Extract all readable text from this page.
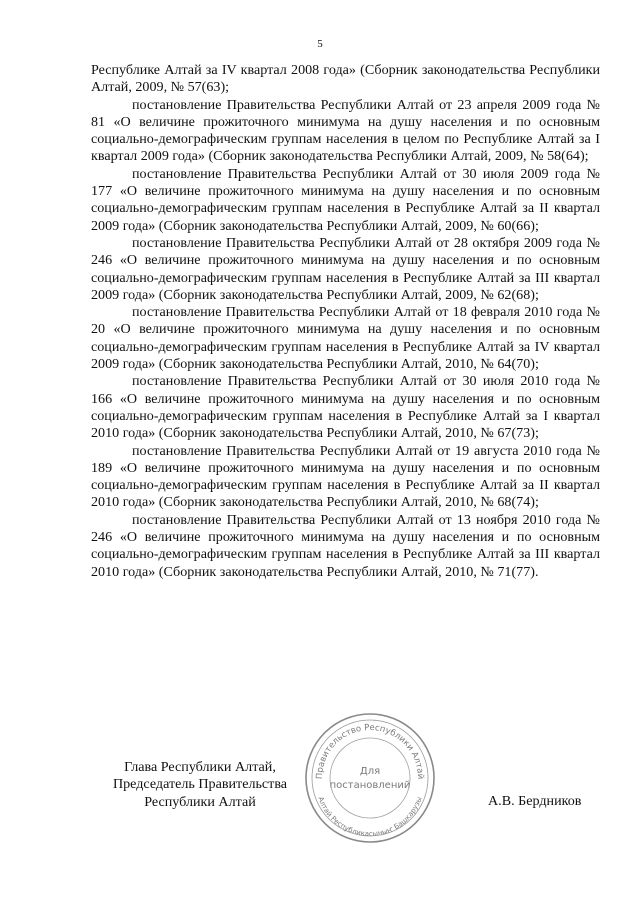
5

Республике Алтай за IV квартал 2008 года» (Сборник законодательства Республики Алтай, 2009, № 57(63);

постановление Правительства Республики Алтай от 23 апреля 2009 года № 81 «О величине прожиточного минимума на душу населения и по основным социально-демографическим группам населения в целом по Республике Алтай за I квартал 2009 года» (Сборник законодательства Республики Алтай, 2009, № 58(64);

постановление Правительства Республики Алтай от 30 июля 2009 года № 177 «О величине прожиточного минимума на душу населения и по основным социально-демографическим группам населения в Республике Алтай за II квартал 2009 года» (Сборник законодательства Республики Алтай, 2009, № 60(66);

постановление Правительства Республики Алтай от 28 октября 2009 года № 246 «О величине прожиточного минимума на душу населения и по основным социально-демографическим группам населения в Республике Алтай за III квартал 2009 года» (Сборник законодательства Республики Алтай, 2009, № 62(68);

постановление Правительства Республики Алтай от 18 февраля 2010 года № 20 «О величине прожиточного минимума на душу населения и по основным социально-демографическим группам населения в Республике Алтай за IV квартал 2009 года» (Сборник законодательства Республики Алтай, 2010, № 64(70);

постановление Правительства Республики Алтай от 30 июля 2010 года № 166 «О величине прожиточного минимума на душу населения и по основным социально-демографическим группам населения в Республике Алтай за I квартал 2010 года» (Сборник законодательства Республики Алтай, 2010, № 67(73);

постановление Правительства Республики Алтай от 19 августа 2010 года № 189 «О величине прожиточного минимума на душу населения и по основным социально-демографическим группам населения в Республике Алтай за II квартал 2010 года» (Сборник законодательства Республики Алтай, 2010, № 68(74);

постановление Правительства Республики Алтай от 13 ноября 2010 года № 246 «О величине прожиточного минимума на душу населения и по основным социально-демографическим группам населения в Республике Алтай за III квартал 2010 года» (Сборник законодательства Республики Алтай, 2010, № 71(77).

Глава Республики Алтай,
Председатель Правительства
Республики Алтай
Правительство Республики Алтай
Алтай Республикасыныҥ Башкарузы
Для
постановлений
А.В. Бердников
